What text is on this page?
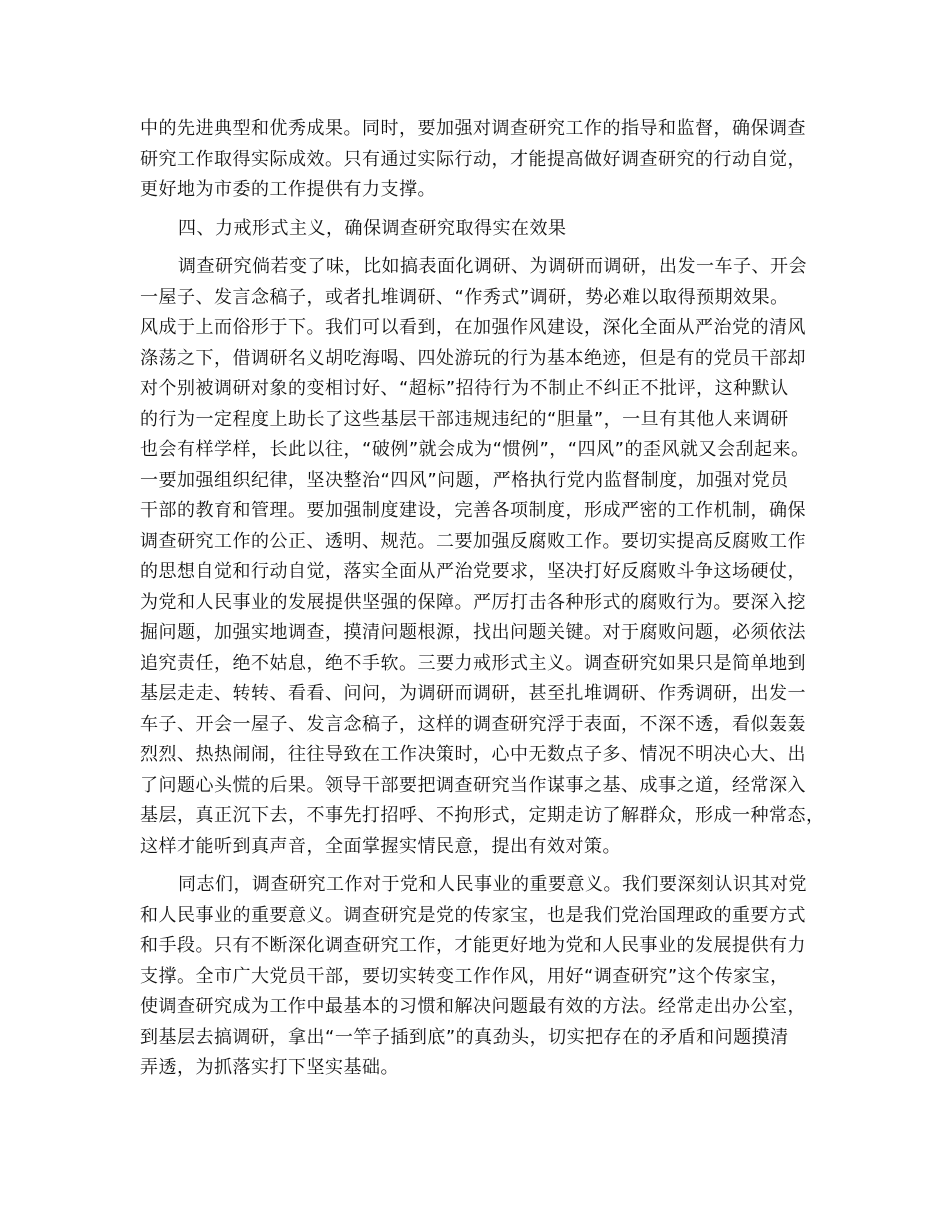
中的先进典型和优秀成果。同时，要加强对调查研究工作的指导和监督，确保调查
研究工作取得实际成效。只有通过实际行动，才能提高做好调查研究的行动自觉，
更好地为市委的工作提供有力支撑。
四、力戒形式主义，确保调查研究取得实在效果
调查研究倘若变了味，比如搞表面化调研、为调研而调研，出发一车子、开会
一屋子、发言念稿子，或者扎堆调研、“作秀式”调研，势必难以取得预期效果。
风成于上而俗形于下。我们可以看到，在加强作风建设，深化全面从严治党的清风
涤荡之下，借调研名义胡吃海喝、四处游玩的行为基本绝迹，但是有的党员干部却
对个别被调研对象的变相讨好、“超标”招待行为不制止不纠正不批评，这种默认
的行为一定程度上助长了这些基层干部违规违纪的“胆量”，一旦有其他人来调研
也会有样学样，长此以往，“破例”就会成为“惯例”，“四风”的歪风就又会刮起来。
一要加强组织纪律，坚决整治“四风”问题，严格执行党内监督制度，加强对党员
干部的教育和管理。要加强制度建设，完善各项制度，形成严密的工作机制，确保
调查研究工作的公正、透明、规范。二要加强反腐败工作。要切实提高反腐败工作
的思想自觉和行动自觉，落实全面从严治党要求，坚决打好反腐败斗争这场硬仗，
为党和人民事业的发展提供坚强的保障。严厉打击各种形式的腐败行为。要深入挖
掘问题，加强实地调查，摸清问题根源，找出问题关键。对于腐败问题，必须依法
追究责任，绝不姑息，绝不手软。三要力戒形式主义。调查研究如果只是简单地到
基层走走、转转、看看、问问，为调研而调研，甚至扎堆调研、作秀调研，出发一
车子、开会一屋子、发言念稿子，这样的调查研究浮于表面，不深不透，看似轰轰
烈烈、热热闹闹，往往导致在工作决策时，心中无数点子多、情况不明决心大、出
了问题心头慌的后果。领导干部要把调查研究当作谋事之基、成事之道，经常深入
基层，真正沉下去，不事先打招呼、不拘形式，定期走访了解群众，形成一种常态，
这样才能听到真声音，全面掌握实情民意，提出有效对策。
同志们，调查研究工作对于党和人民事业的重要意义。我们要深刻认识其对党
和人民事业的重要意义。调查研究是党的传家宝，也是我们党治国理政的重要方式
和手段。只有不断深化调查研究工作，才能更好地为党和人民事业的发展提供有力
支撑。全市广大党员干部，要切实转变工作作风，用好“调查研究”这个传家宝，
使调查研究成为工作中最基本的习惯和解决问题最有效的方法。经常走出办公室，
到基层去搞调研，拿出“一竿子插到底”的真劲头，切实把存在的矛盾和问题摸清
弄透，为抓落实打下坚实基础。
